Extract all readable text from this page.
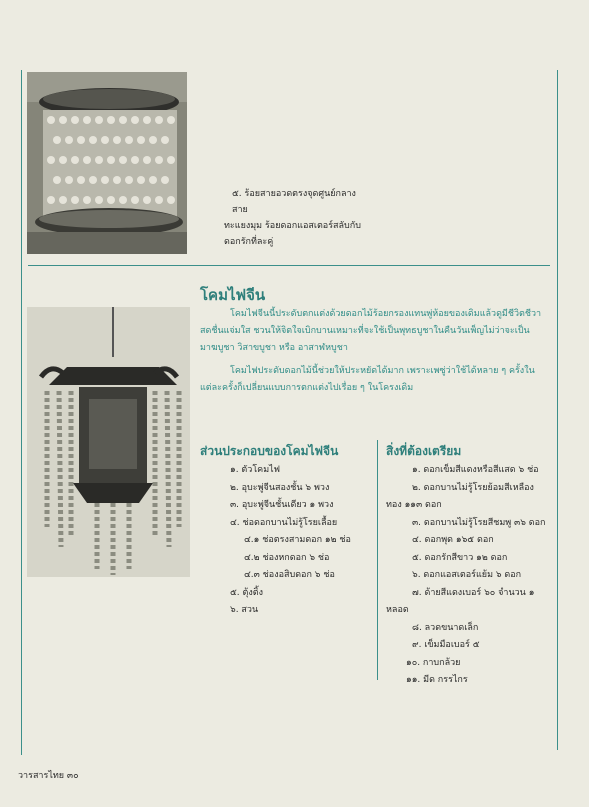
๕. ร้อยสายอวดตรงจุดศูนย์กลางสาย
ทะแยงมุม ร้อยดอกแอสเตอร์สลับกับ
ดอกรักที่ละคู่
โคมไฟจีน

โคมไฟจีนนี้ประดับตกแต่งด้วยดอกไม้ร้อยกรองแทนพู่ห้อยของเดิมแล้วดูมีชีวิตชีวาสดชื่นแจ่มใส ชวนให้จิตใจเบิกบานเหมาะที่จะใช้เป็นพุทธบูชาในคืนวันเพ็ญไม่ว่าจะเป็นมาฆบูชา วิสาขบูชา หรือ อาสาฬหบูชา

โคมไฟประดับดอกไม้นี้ช่วยให้ประหยัดได้มาก เพราะเพซู่ว่าใช้ได้หลาย ๆ ครั้งในแต่ละครั้งก็เปลี่ยนแบบการตกแต่งไปเรื่อย ๆ ในโครงเดิม

ส่วนประกอบของโคมไฟจีน
๑. ตัวโคมไฟ
๒. อุบะพู่จีนสองชั้น ๖ พวง
๓. อุบะพู่จีนชั้นเดียว ๑ พวง
๔. ช่อดอกบานไม่รู้โรยเลื้อย
๔.๑ ช่อตรงสามดอก ๑๒ ช่อ
๔.๒ ช่องหกดอก ๖ ช่อ
๔.๓ ช่องอสิบดอก ๖ ช่อ
๕. ตุ้งติ้ง
๖. สวน
สิ่งที่ต้องเตรียม
๑. ดอกเข็มสีแดงหรือสีแสด ๖ ช่อ
๒. ดอกบานไม่รู้โรยย้อมสีเหลือง
ทอง ๑๑๓ ดอก
๓. ดอกบานไม่รู้โรยสีชมพู ๓๖ ดอก
๔. ดอกพุด ๑๖๕ ดอก
๕. ดอกรักสีขาว ๑๒ ดอก
๖. ดอกแอสเตอร์แย้ม ๖ ดอก
๗. ด้ายสีแดงเบอร์ ๖๐ จำนวน ๑
หลอด
๘. ลวดขนาดเล็ก
๙. เข็มมือเบอร์ ๕
๑๐. กาบกล้วย
๑๑. มีด กรรไกร
วารสารไทย ๓๐
